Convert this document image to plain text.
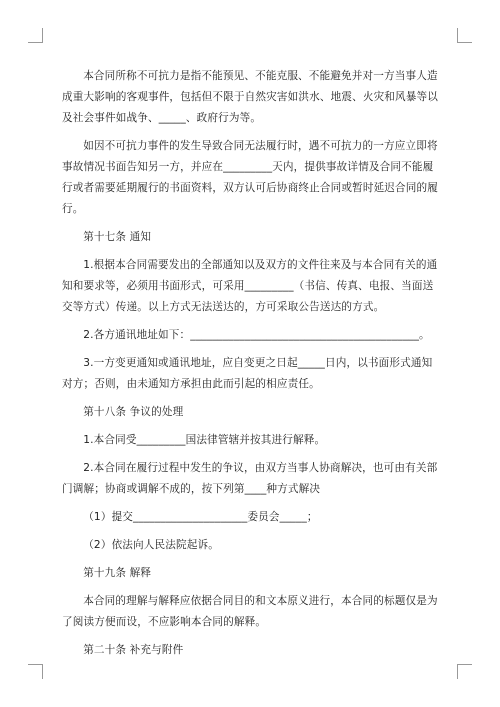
本合同所称不可抗力是指不能预见、不能克服、不能避免并对一方当事人造成重大影响的客观事件，包括但不限于自然灾害如洪水、地震、火灾和风暴等以及社会事件如战争、_____、政府行为等。

如因不可抗力事件的发生导致合同无法履行时，遇不可抗力的一方应立即将事故情况书面告知另一方，并应在_________天内，提供事故详情及合同不能履行或者需要延期履行的书面资料，双方认可后协商终止合同或暂时延迟合同的履行。

第十七条 通知

1.根据本合同需要发出的全部通知以及双方的文件往来及与本合同有关的通知和要求等，必须用书面形式，可采用_________（书信、传真、电报、当面送交等方式）传递。以上方式无法送达的，方可采取公告送达的方式。

2.各方通讯地址如下：__________________________________________。

3.一方变更通知或通讯地址，应自变更之日起_____日内，以书面形式通知对方；否则，由未通知方承担由此而引起的相应责任。

第十八条 争议的处理

1.本合同受_________国法律管辖并按其进行解释。

2.本合同在履行过程中发生的争议，由双方当事人协商解决，也可由有关部门调解；协商或调解不成的，按下列第____种方式解决

（1）提交_____________________委员会_____；

（2）依法向人民法院起诉。

第十九条 解释

本合同的理解与解释应依据合同目的和文本原义进行，本合同的标题仅是为了阅读方便而设，不应影响本合同的解释。

第二十条 补充与附件
